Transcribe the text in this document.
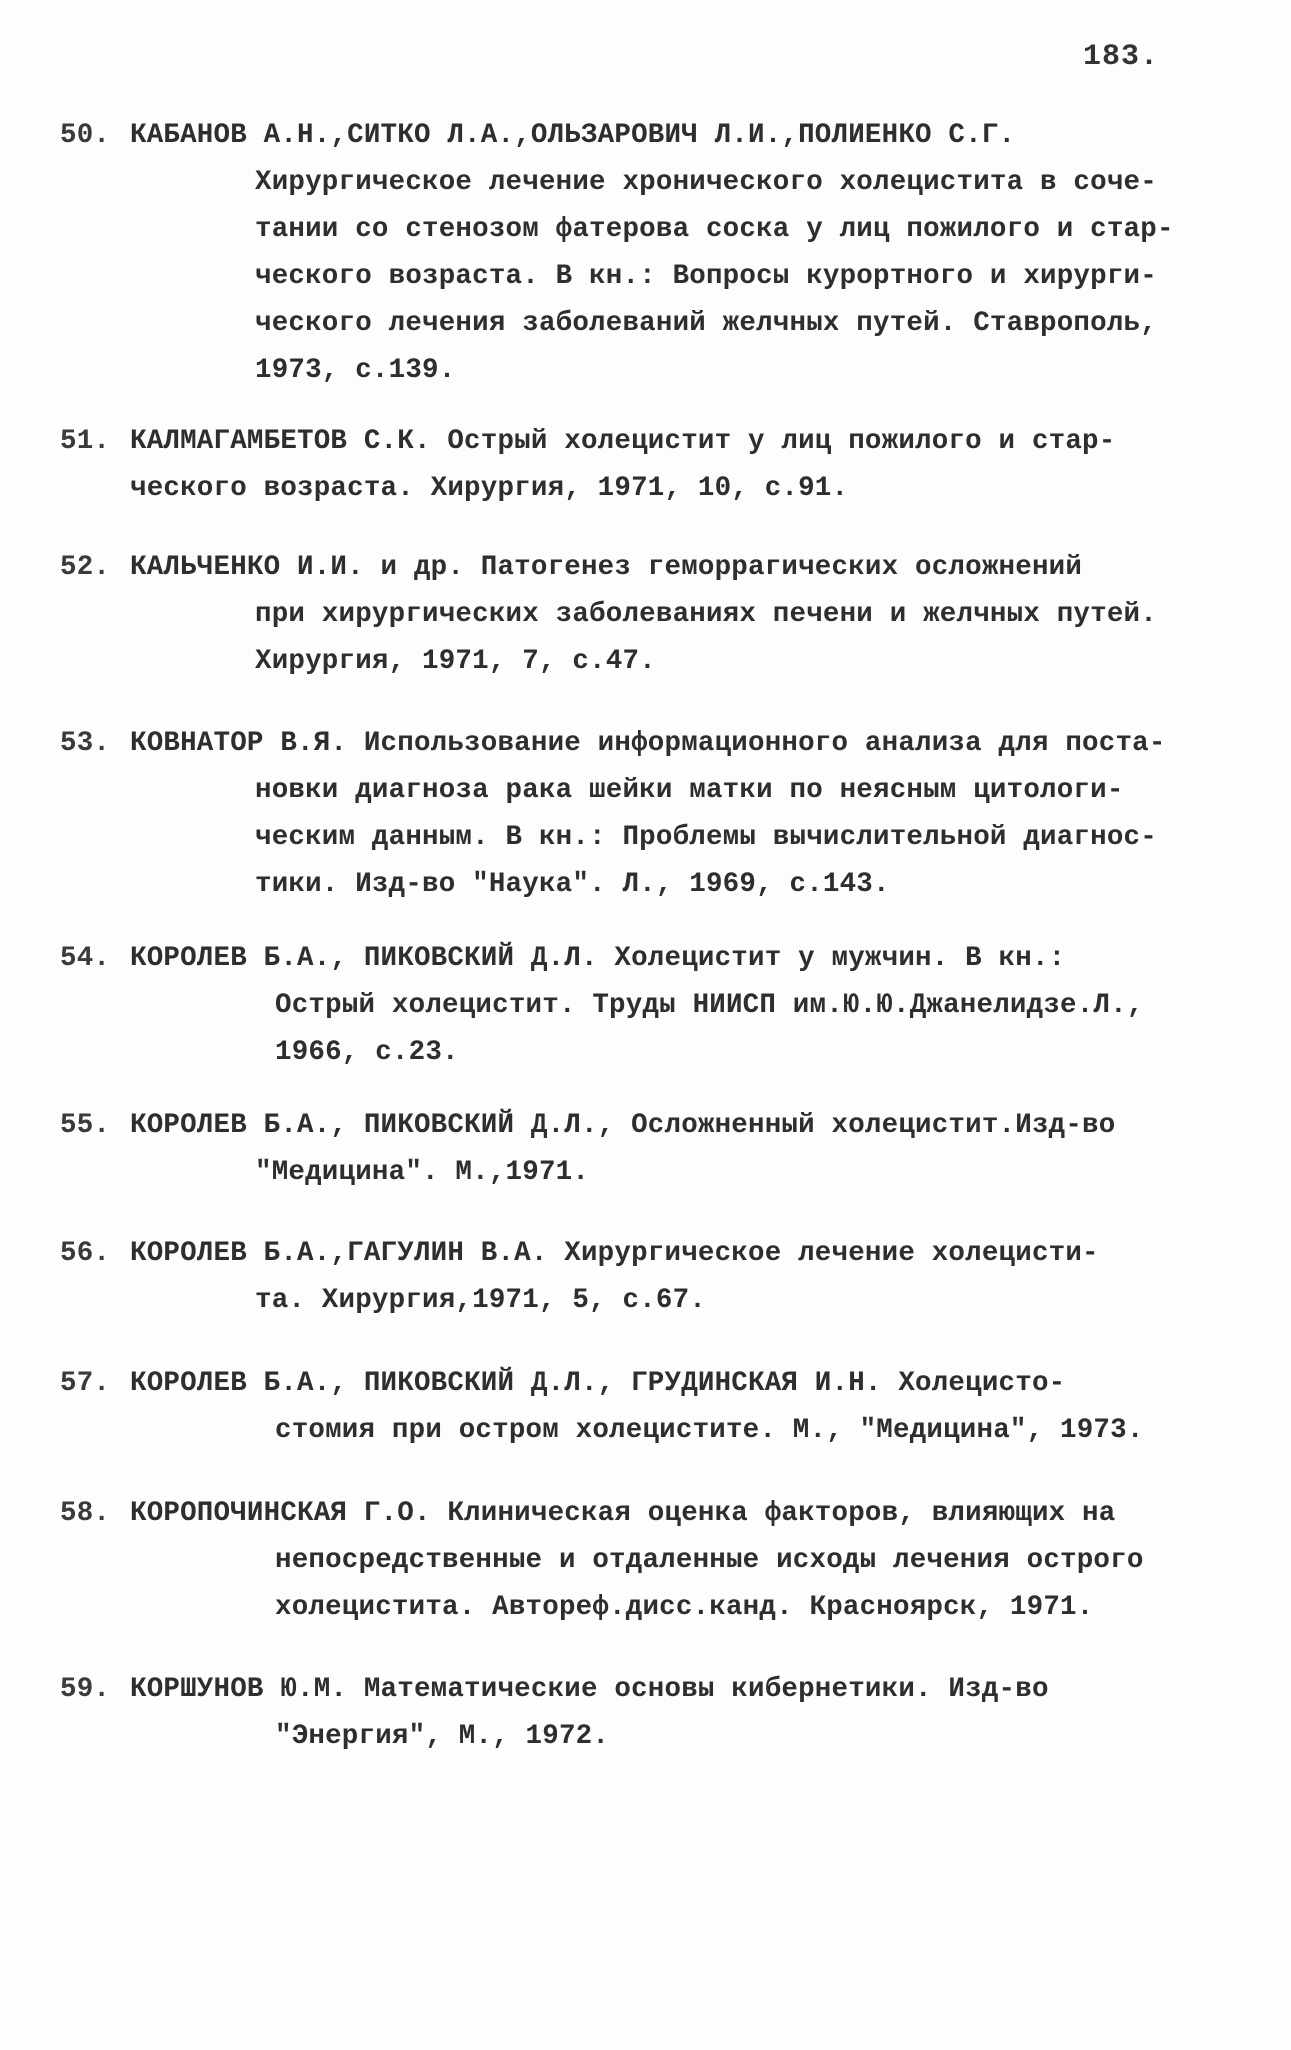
183.
50. КАБАНОВ А.Н.,СИТКО Л.А.,ОЛЬЗАРОВИЧ Л.И.,ПОЛИЕНКО С.Г.
Хирургическое лечение хронического холецистита в соче-
тании со стенозом фатерова соска у лиц пожилого и стар-
ческого возраста. В кн.: Вопросы курортного и хирурги-
ческого лечения заболеваний желчных путей. Ставрополь,
1973, с.139.
51. КАЛМАГАМБЕТОВ С.К. Острый холецистит у лиц пожилого и стар-
ческого возраста. Хирургия, 1971, 10, с.91.
52. КАЛЬЧЕНКО И.И. и др. Патогенез геморрагических осложнений
при хирургических заболеваниях печени и желчных путей.
Хирургия, 1971, 7, с.47.
53. КОВНАТОР В.Я. Использование информационного анализа для поста-
новки диагноза рака шейки матки по неясным цитологи-
ческим данным. В кн.: Проблемы вычислительной диагнос-
тики. Изд-во "Наука". Л., 1969, с.143.
54. КОРОЛЕВ Б.А., ПИКОВСКИЙ Д.Л. Холецистит у мужчин. В кн.:
Острый холецистит. Труды НИИСП им.Ю.Ю.Джанелидзе.Л.,
1966, с.23.
55. КОРОЛЕВ Б.А., ПИКОВСКИЙ Д.Л., Осложненный холецистит.Изд-во
"Медицина". М.,1971.
56. КОРОЛЕВ Б.А.,ГАГУЛИН В.А. Хирургическое лечение холецисти-
та. Хирургия,1971, 5, с.67.
57. КОРОЛЕВ Б.А., ПИКОВСКИЙ Д.Л., ГРУДИНСКАЯ И.Н. Холецисто-
стомия при остром холецистите. М., "Медицина", 1973.
58. КОРОПОЧИНСКАЯ Г.О. Клиническая оценка факторов, влияющих на
непосредственные и отдаленные исходы лечения острого
холецистита. Автореф.дисс.канд. Красноярск, 1971.
59. КОРШУНОВ Ю.М. Математические основы кибернетики. Изд-во
"Энергия", М., 1972.
